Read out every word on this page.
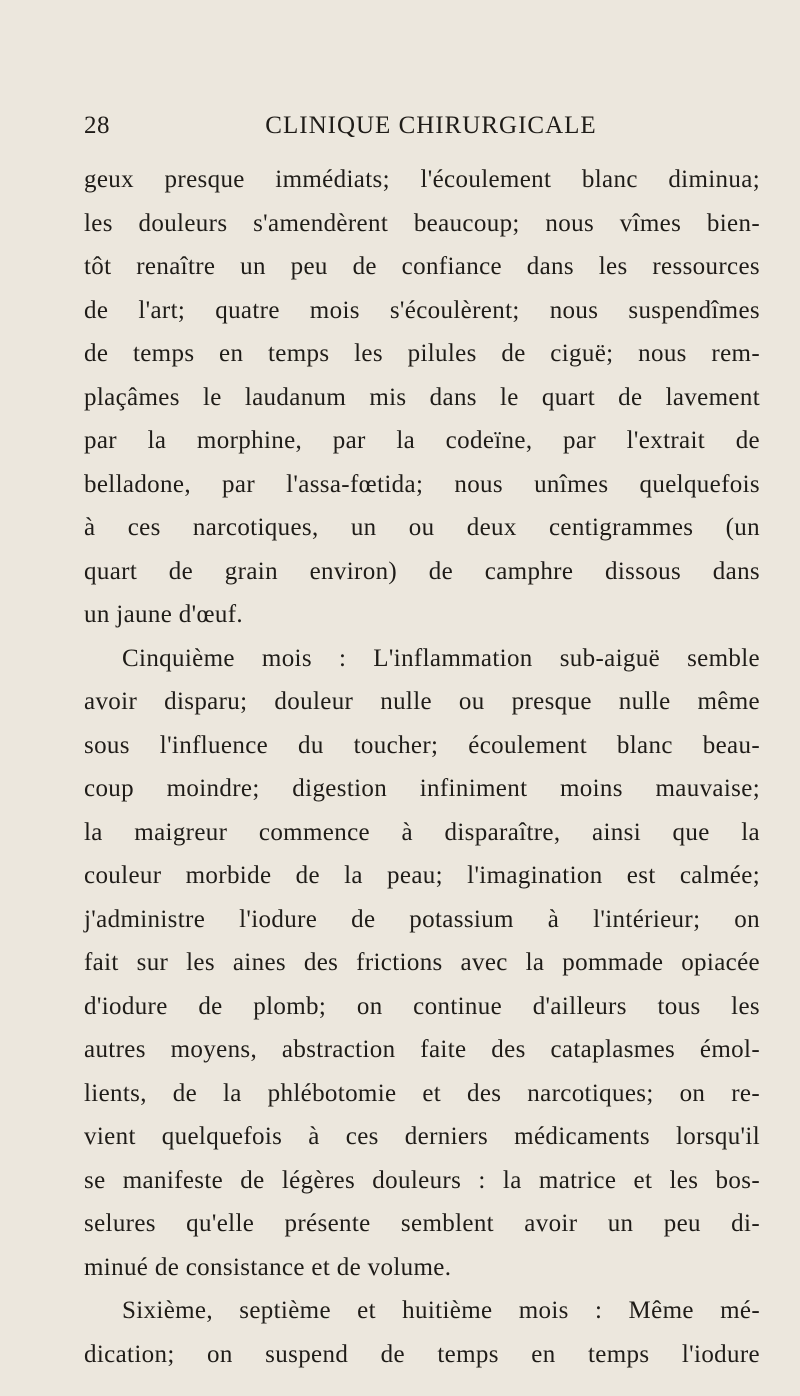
28	CLINIQUE CHIRURGICALE
geux presque immédiats; l'écoulement blanc diminua;
les douleurs s'amendèrent beaucoup; nous vîmes bien-
tôt renaître un peu de confiance dans les ressources
de l'art; quatre mois s'écoulèrent; nous suspendîmes
de temps en temps les pilules de ciguë; nous rem-
plaçâmes le laudanum mis dans le quart de lavement
par la morphine, par la codeïne, par l'extrait de
belladone, par l'assa-fœtida; nous unîmes quelquefois
à ces narcotiques, un ou deux centigrammes (un
quart de grain environ) de camphre dissous dans
un jaune d'œuf.
Cinquième mois : L'inflammation sub-aiguë semble
avoir disparu; douleur nulle ou presque nulle même
sous l'influence du toucher; écoulement blanc beau-
coup moindre; digestion infiniment moins mauvaise;
la maigreur commence à disparaître, ainsi que la
couleur morbide de la peau; l'imagination est calmée;
j'administre l'iodure de potassium à l'intérieur; on
fait sur les aines des frictions avec la pommade opiacée
d'iodure de plomb; on continue d'ailleurs tous les
autres moyens, abstraction faite des cataplasmes émol-
lients, de la phlébotomie et des narcotiques; on re-
vient quelquefois à ces derniers médicaments lorsqu'il
se manifeste de légères douleurs : la matrice et les bos-
selures qu'elle présente semblent avoir un peu di-
minué de consistance et de volume.
Sixième, septième et huitième mois : Même mé-
dication; on suspend de temps en temps l'iodure
